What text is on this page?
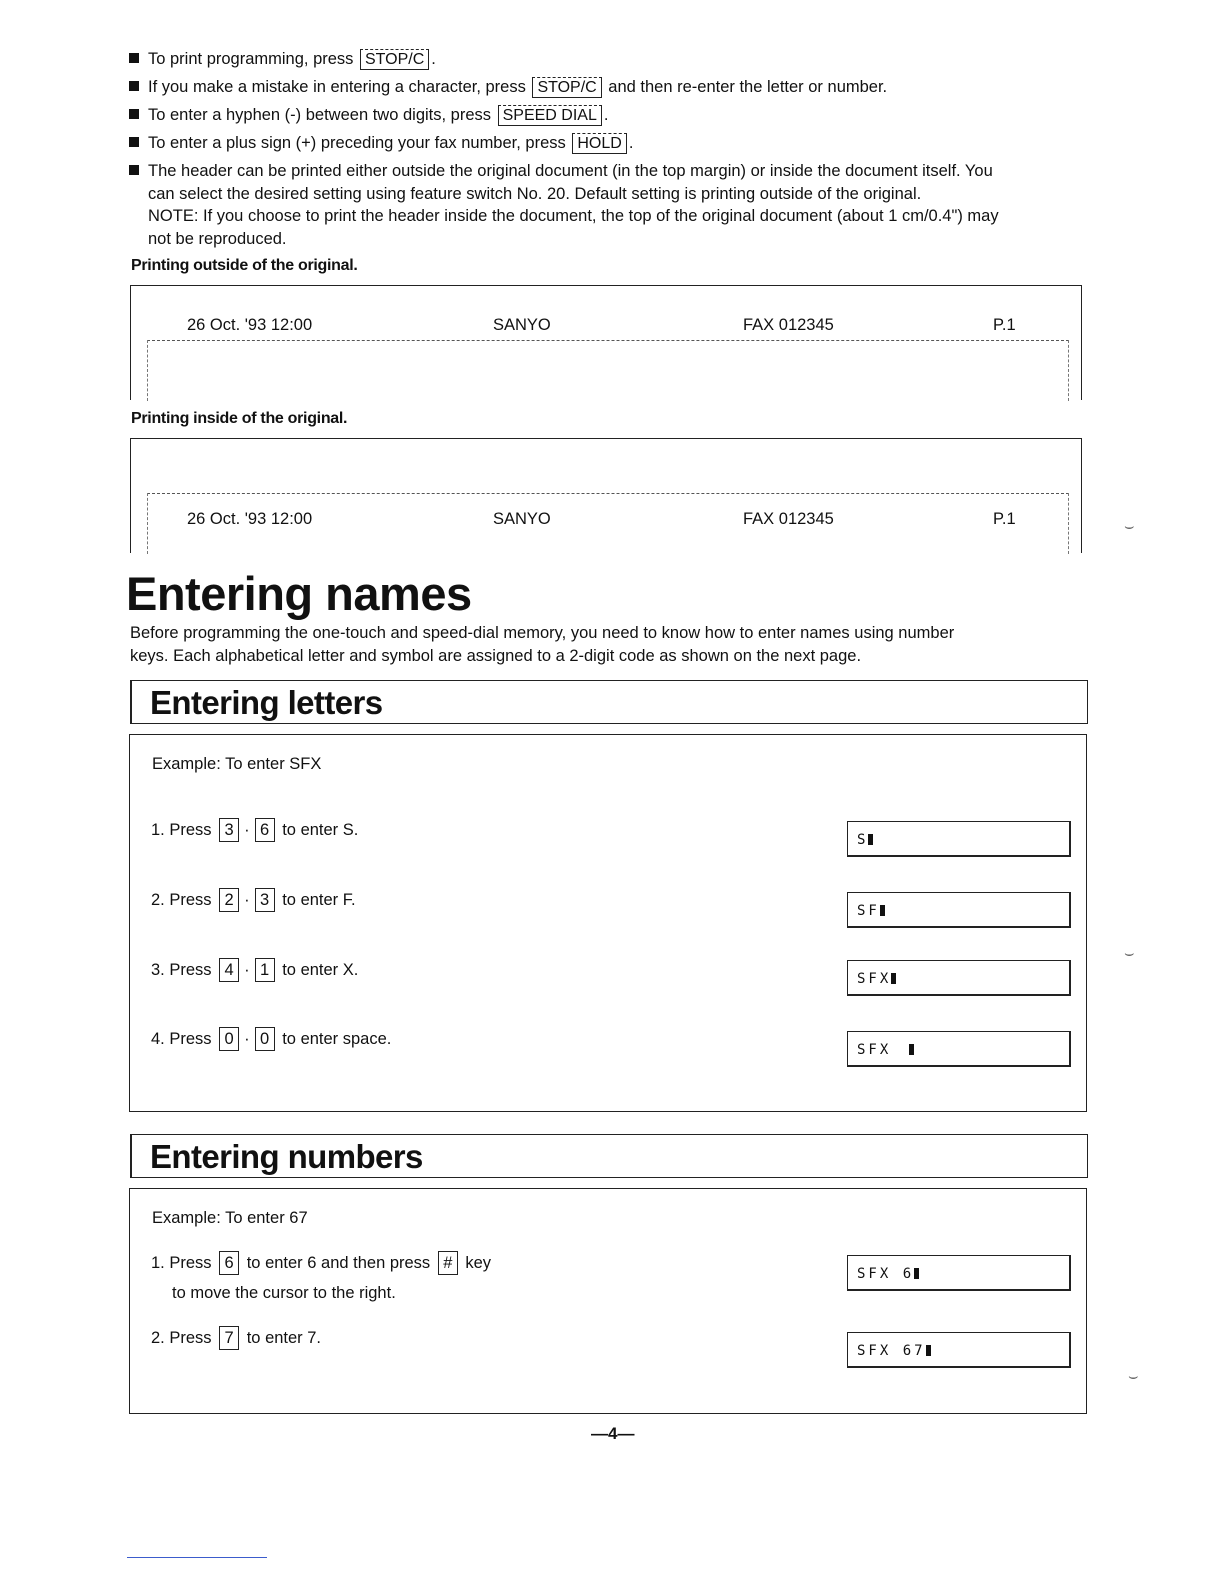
To print programming, press STOP/C .
If you make a mistake in entering a character, press STOP/C and then re-enter the letter or number.
To enter a hyphen (-) between two digits, press SPEED DIAL .
To enter a plus sign (+) preceding your fax number, press HOLD .
The header can be printed either outside the original document (in the top margin) or inside the document itself. You
can select the desired setting using feature switch No. 20. Default setting is printing outside of the original.
NOTE: If you choose to print the header inside the document, the top of the original document (about 1 cm/0.4") may
not be reproduced.
Printing outside of the original.
26 Oct. '93 12:00	SANYO	FAX 012345	P.1
Printing inside of the original.
26 Oct. '93 12:00	SANYO	FAX 012345	P.1
Entering names
Before programming the one-touch and speed-dial memory, you need to know how to enter names using number
keys. Each alphabetical letter and symbol are assigned to a 2-digit code as shown on the next page.
Entering letters
Example: To enter SFX
1. Press 3 · 6 to enter S.
S
2. Press 2 · 3 to enter F.
SF
3. Press 4 · 1 to enter X.	SFX
4. Press 0 · 0 to enter space.
SFX
Entering numbers
Example: To enter 67
1. Press 6 to enter 6 and then press # key
to move the cursor to the right.
SFX 6
2. Press 7 to enter 7.
SFX 67
—4—
⌣
⌣
⌣
